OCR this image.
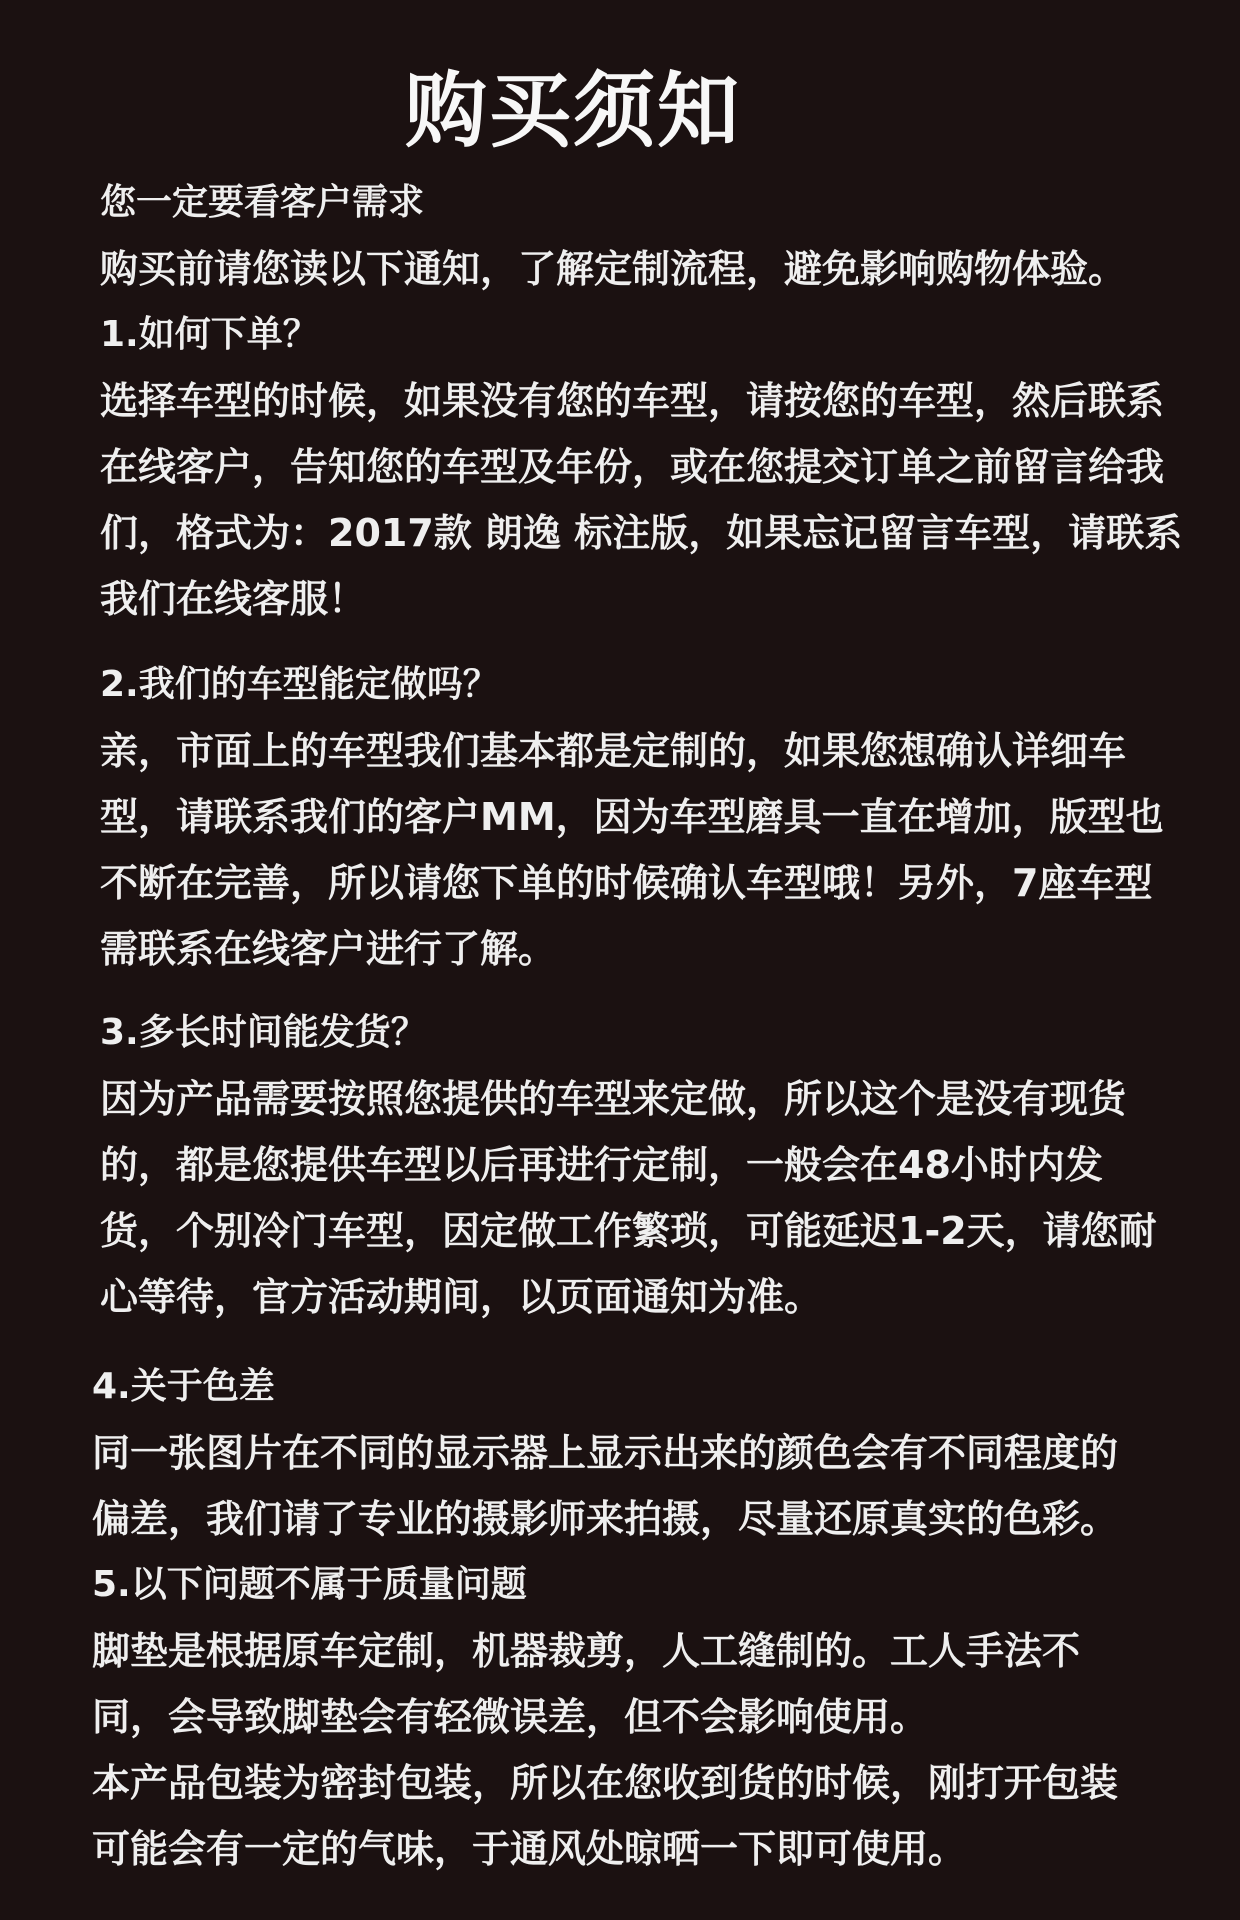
购买须知
您一定要看客户需求
购买前请您读以下通知，了解定制流程，避免影响购物体验。
1.如何下单？
选择车型的时候，如果没有您的车型，请按您的车型，然后联系
在线客户，告知您的车型及年份，或在您提交订单之前留言给我
们，格式为：2017款 朗逸 标注版，如果忘记留言车型，请联系
我们在线客服！
2.我们的车型能定做吗？
亲，市面上的车型我们基本都是定制的，如果您想确认详细车
型，请联系我们的客户MM，因为车型磨具一直在增加，版型也
不断在完善，所以请您下单的时候确认车型哦！另外，7座车型
需联系在线客户进行了解。
3.多长时间能发货？
因为产品需要按照您提供的车型来定做，所以这个是没有现货
的，都是您提供车型以后再进行定制，一般会在48小时内发
货，个别冷门车型，因定做工作繁琐，可能延迟1-2天，请您耐
心等待，官方活动期间，以页面通知为准。
4.关于色差
同一张图片在不同的显示器上显示出来的颜色会有不同程度的
偏差，我们请了专业的摄影师来拍摄，尽量还原真实的色彩。
5.以下问题不属于质量问题
脚垫是根据原车定制，机器裁剪，人工缝制的。工人手法不
同，会导致脚垫会有轻微误差，但不会影响使用。
本产品包装为密封包装，所以在您收到货的时候，刚打开包装
可能会有一定的气味，于通风处晾晒一下即可使用。
